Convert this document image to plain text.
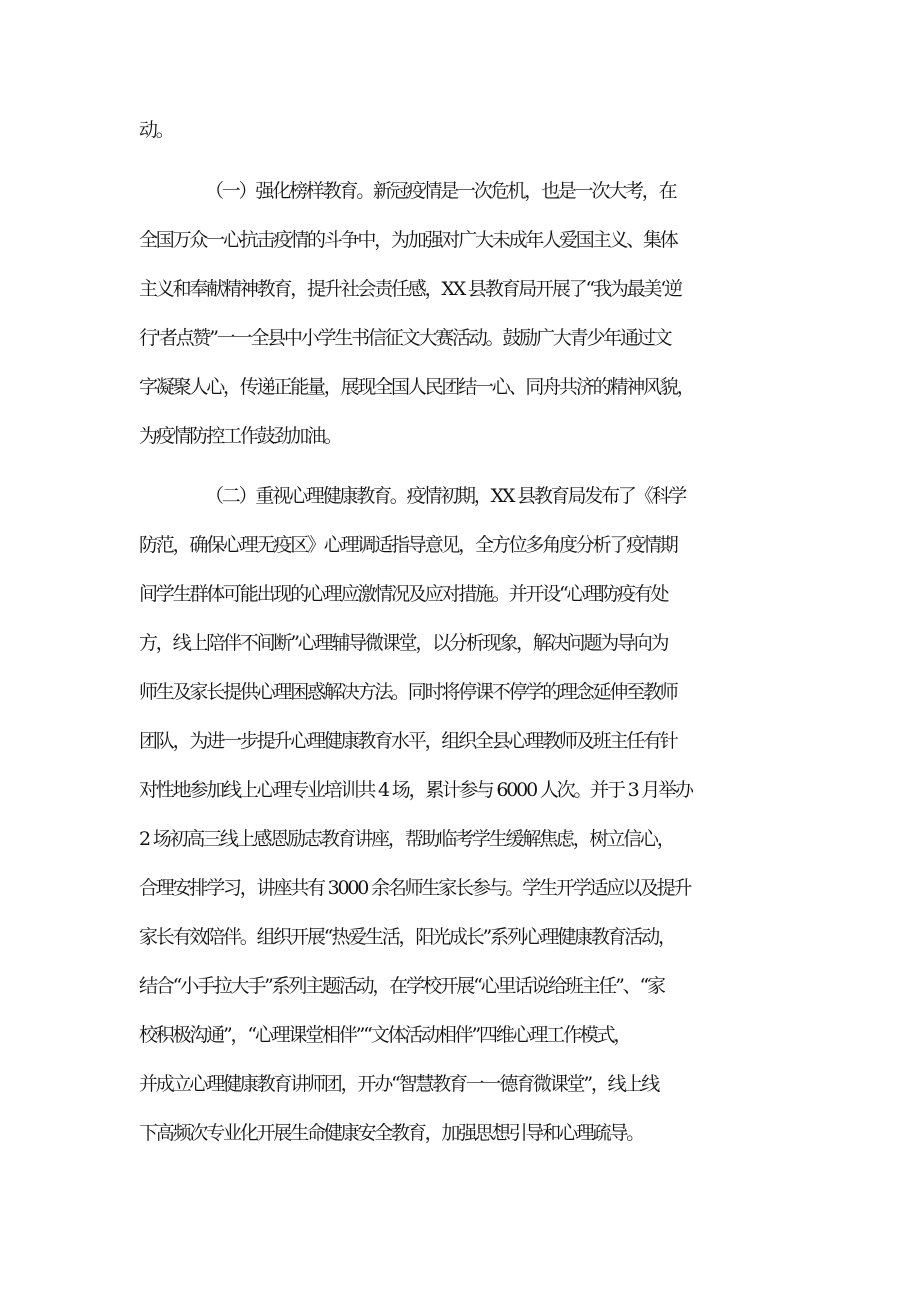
动。
（一）强化榜样教育。新冠疫情是一次危机，也是一次大考，在
全国万众一心抗击疫情的斗争中，为加强对广大未成年人爱国主义、集体
主义和奉献精神教育，提升社会责任感，XX 县教育局开展了“我为最美‘逆
行'者点赞”一一全县中小学生书信征文大赛活动。鼓励广大青少年通过文
字凝聚人心，传递正能量，展现全国人民团结一心、同舟共济的精神风貌，
为疫情防控工作鼓劲加油。
（二）重视心理健康教育。疫情初期，XX 县教育局发布了《科学
防范，确保心理无疫区》心理调适指导意见，全方位多角度分析了疫情期
间学生群体可能出现的心理应激情况及应对措施。并开设“心理防疫有处
方，线上陪伴不间断”心理辅导微课堂，以分析现象，解决问题为导向为
师生及家长提供心理困惑解决方法。同时将停课不停学的理念延伸至教师
团队，为进一步提升心理健康教育水平，组织全县心理教师及班主任有针
对性地参加线上心理专业培训共 4 场，累计参与 6000 人次。并于 3 月举办
2 场初高三线上感恩励志教育讲座，帮助临考学生缓解焦虑，树立信心，
合理安排学习，讲座共有 3000 余名师生家长参与。学生开学适应以及提升
家长有效陪伴。组织开展“热爱生活，阳光成长”系列心理健康教育活动，
结合“小手拉大手”系列主题活动，在学校开展“心里话说给班主任”、“家
校积极沟通”，“心理课堂相伴”“文体活动相伴”四维心理工作模式，
并成立心理健康教育讲师团，开办“智慧教育一一德育微课堂”，线上线
下高频次专业化开展生命健康安全教育，加强思想引导和心理疏导。
